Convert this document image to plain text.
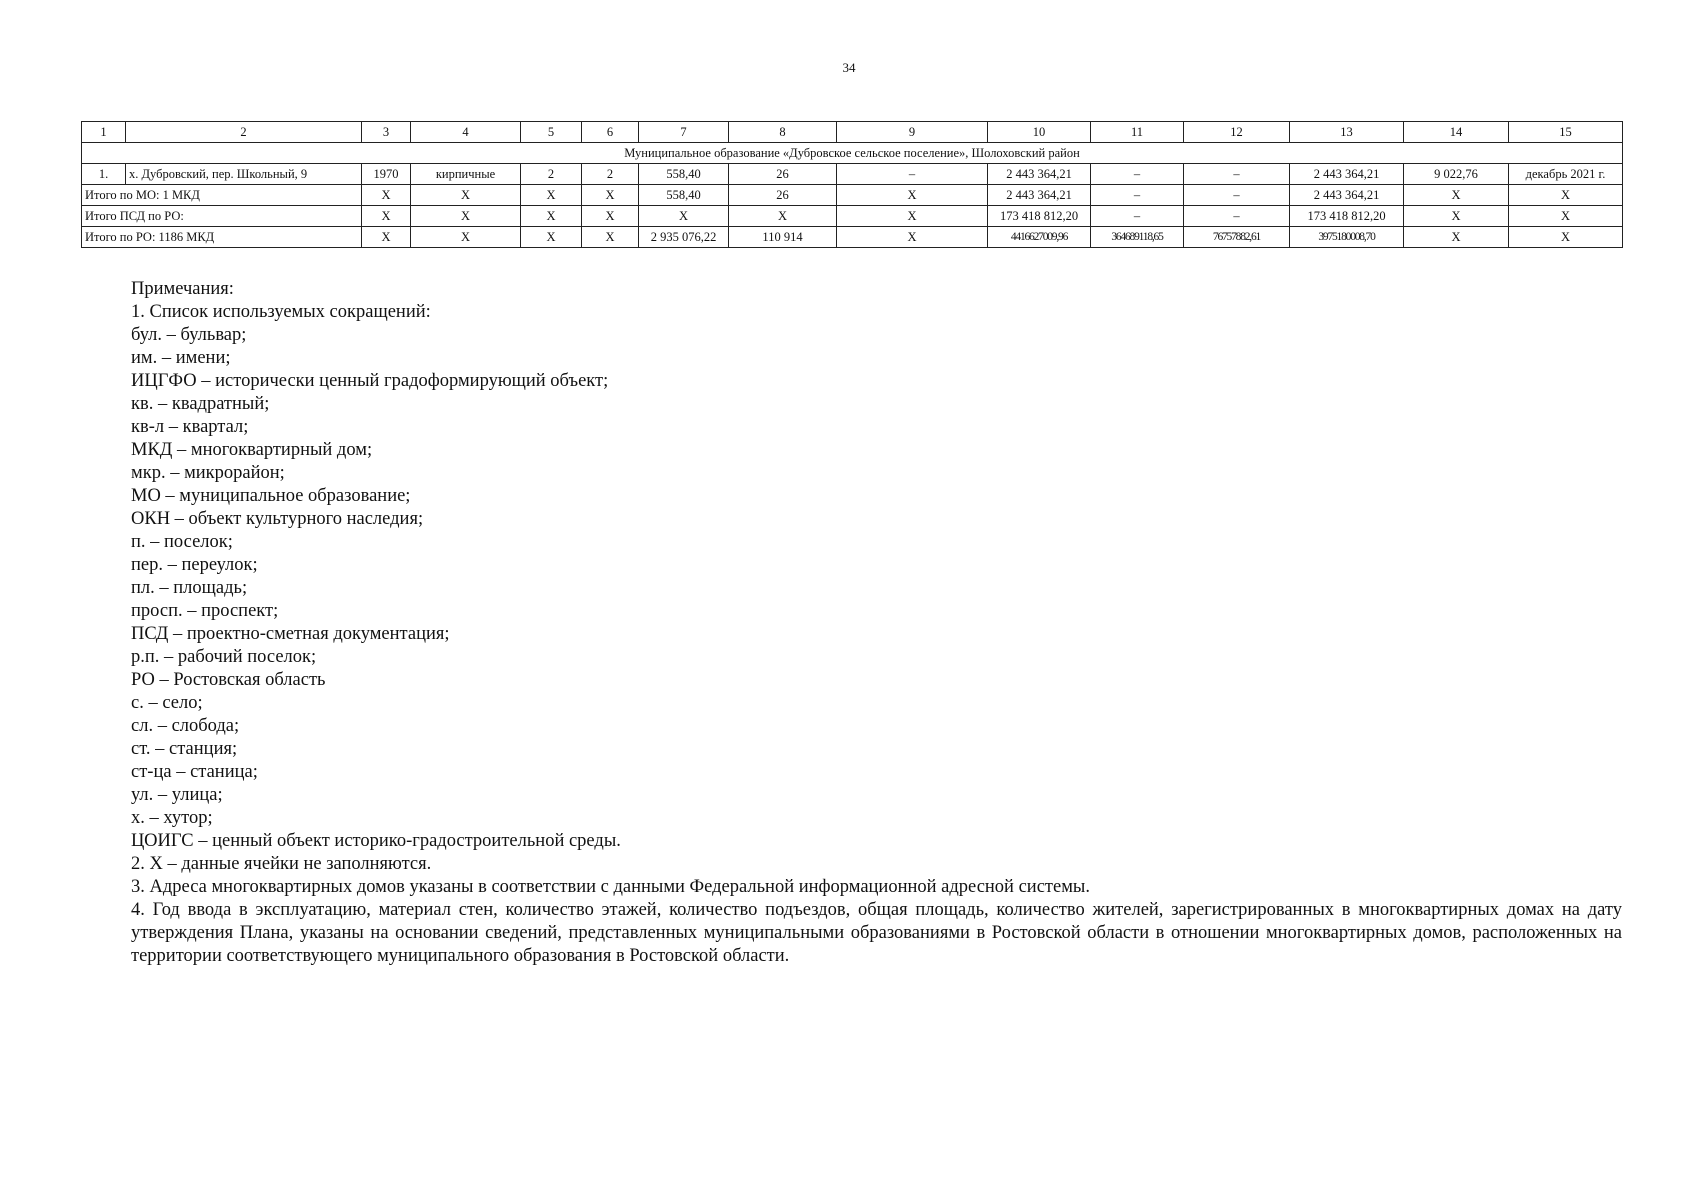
34
1	2	3	4	5	6	7	8	9	10	11	12	13	14	15
Муниципальное образование «Дубровское сельское поселение», Шолоховский район														
1.	х. Дубровский, пер. Школьный, 9	1970	кирпичные	2	2	558,40	26	–	2 443 364,21	–	–	2 443 364,21	9 022,76	декабрь 2021 г.
Итого по МО: 1 МКД		X	X	X	X	558,40	26	X	2 443 364,21	–	–	2 443 364,21	X	X
Итого ПСД по РО:		X	X	X	X	X	X	X	173 418 812,20	–	–	173 418 812,20	X	X
Итого по РО: 1186 МКД		X	X	X	X	2 935 076,22	110 914	X	4416627009,96	364689118,65	76757882,61	3975180008,70	X	X
Примечания:
1. Список используемых сокращений:
бул. – бульвар;
им. – имени;
ИЦГФО – исторически ценный градоформирующий объект;
кв. – квадратный;
кв-л – квартал;
МКД – многоквартирный дом;
мкр. – микрорайон;
МО – муниципальное образование;
ОКН – объект культурного наследия;
п. – поселок;
пер. – переулок;
пл. – площадь;
просп. – проспект;
ПСД – проектно-сметная документация;
р.п. – рабочий поселок;
РО – Ростовская область
с. – село;
сл. – слобода;
ст. – станция;
ст-ца – станица;
ул. – улица;
х. – хутор;
ЦОИГС – ценный объект историко-градостроительной среды.
2. X – данные ячейки не заполняются.
3. Адреса многоквартирных домов указаны в соответствии с данными Федеральной информационной адресной системы.
4. Год ввода в эксплуатацию, материал стен, количество этажей, количество подъездов, общая площадь, количество жителей, зарегистрированных в многоквартирных домах на дату утверждения Плана, указаны на основании сведений, представленных муниципальными образованиями в Ростовской области в отношении многоквартирных домов, расположенных на территории соответствующего муниципального образования в Ростовской области.
